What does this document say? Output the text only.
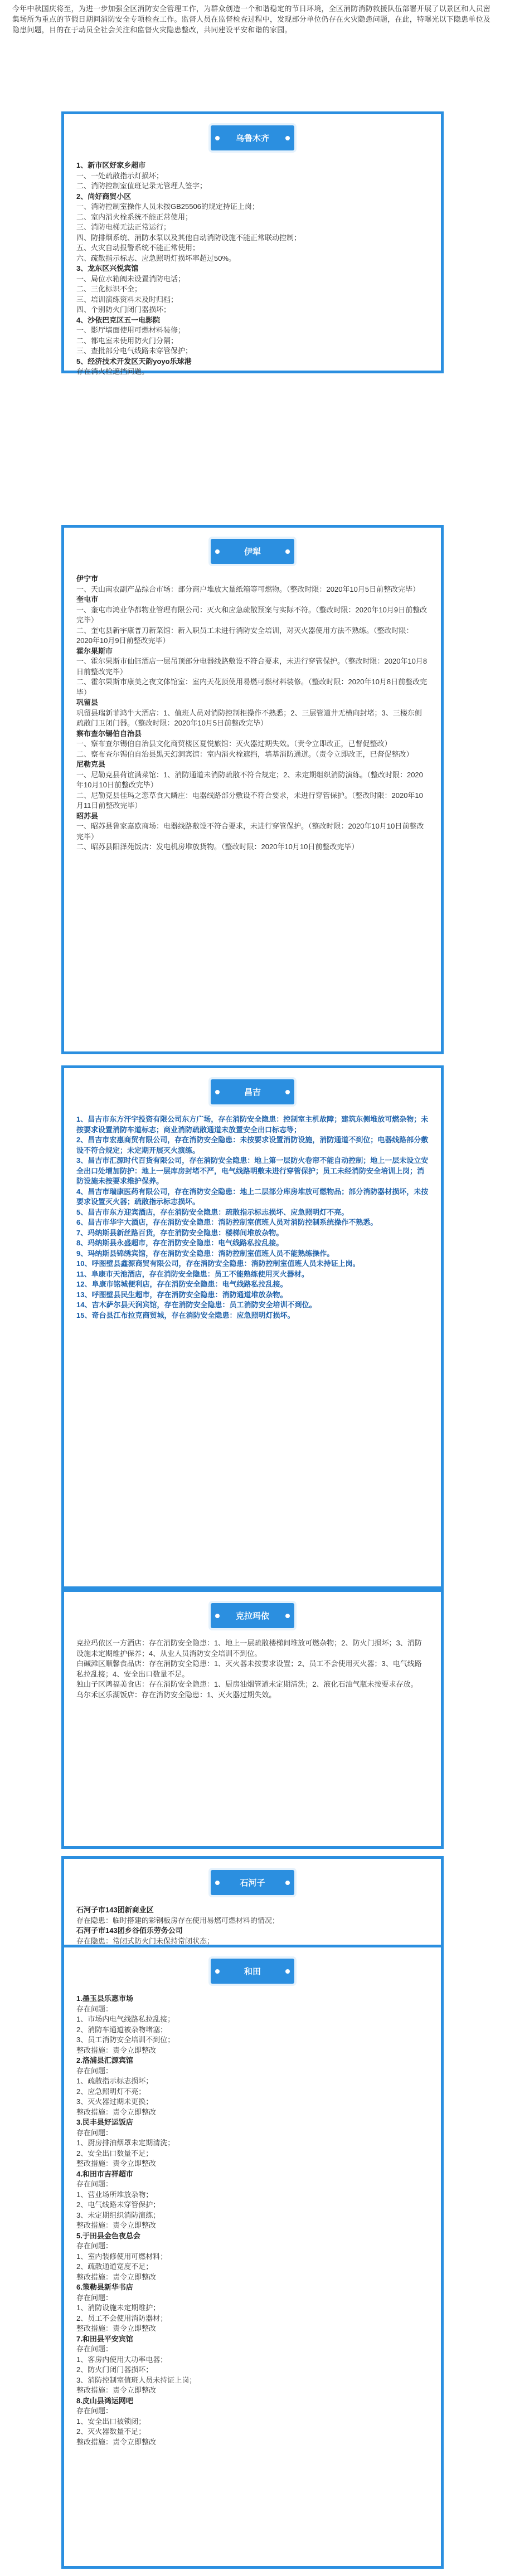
今年中秋国庆将至，为进一步加强全区消防安全管理工作，为群众创造一个和谐稳定的节日环境，全区消防消防救援队伍部署开展了以景区和人员密集场所为重点的节假日期间消防安全专项检查工作。监督人员在监督检查过程中，发现部分单位仍存在火灾隐患问题，在此，特曝光以下隐患单位及隐患问题，目的在于动员全社会关注和监督火灾隐患整改，共同建设平安和谐的家园。

乌鲁木齐
1、新市区好家乡超市
一、一处疏散指示灯损坏；
二、消防控制室值班记录无管理人签字；
2、尚好商贸小区
一、消防控制室操作人员未按GB25506的规定持证上岗；
二、室内消火栓系统不能正常使用；
三、消防电梯无法正常运行；
四、防排烟系统、消防水泵以及其他自动消防设施不能正常联动控制；
五、火灾自动报警系统不能正常使用；
六、疏散指示标志、应急照明灯损坏率超过50%。
3、龙东区兴悦宾馆
一、局位水箱阀未设置消防电话；
二、三化标识不全；
三、培训演练资料未及时归档；
四、个别防火门闭门器损坏；
4、沙依巴克区五一电影院
一、影厅墙面使用可燃材料装修；
二、都电室未使用防火门分隔；
三、查批部分电气线路未穿管保护；
5、经济技术开发区天韵yoyo乐球港
存在消火栓遮挡问题。
伊犁
伊宁市
一、天山南农副产品综合市场：部分商户堆放大量纸箱等可燃物。（整改时限：2020年10月5日前整改完毕）
奎屯市
一、奎屯市鸿业华都物业管理有限公司：灭火和应急疏散预案与实际不符。（整改时限：2020年10月9日前整改完毕）
二、奎屯县新宇康普刀新菜馆：新入职员工未进行消防安全培训，对灭火器使用方法不熟练。（整改时限：2020年10月9日前整改完毕）
霍尔果斯市
一、霍尔果斯市仙钰酒店一层吊顶部分电器线路敷设不符合要求，未进行穿管保护。（整改时限：2020年10月8日前整改完毕）
二、霍尔果斯市康美之夜文体馆室：室内天花顶使用易燃可燃材料装修。（整改时限：2020年10月8日前整改完毕）
巩留县
巩留县瑞新菲鸿牛大酒店：1、值班人员对消防控制柜操作不熟悉；2、三层管道井无横向封堵；3、三楼东侧疏散门卫闭门器。（整改时限：2020年10月5日前整改完毕）
察布查尔锡伯自治县
一、察布查尔锡伯自治县文化商贸楼区夏悦旅馆：灭火器过期失效。（责令立即改正，已督促整改）
二、察布查尔锡伯自治县黑天幻洞宾馆：室内消火栓遮挡，墙基消防通道。（责令立即改正，已督促整改）
尼勒克县
一、尼勒克县荷谊满菜馆：1、消防通道未消防疏散不符合规定；2、未定期组织消防演练。（整改时限：2020年10月10日前整改完毕）
二、尼勒克县佳玛之恋草食大鳞庄：电器线路部分敷设不符合要求，未进行穿管保护。（整改时限：2020年10月11日前整改完毕）
昭苏县
一、昭苏县鲁家嘉欧商场：电器线路敷设不符合要求，未进行穿管保护。（整改时限：2020年10月10日前整改完毕）
二、昭苏县阳泽苑饭店：发电机房堆放货物。（整改时限：2020年10月10日前整改完毕）
昌吉
1、昌吉市东方汗宇投资有限公司东方广场，存在消防安全隐患：控制室主机故障；建筑东侧堆放可燃杂物；未按要求设置消防车道标志；商业消防疏散通道未放置安全出口标志等；
2、昌吉市宏惠商贸有限公司，存在消防安全隐患：未按要求设置消防设施，消防通道不到位；电器线路部分敷设不符合规定；未定期开展灭火演练。
3、昌吉市汇源时代百货有限公司，存在消防安全隐患：地上第一层防火卷帘不能自动控制；地上一层未设立安全出口处增加防护：地上一层库房封堵不严，电气线路明敷未进行穿管保护；员工未经消防安全培训上岗；消防设施未按要求维护保养。
4、昌吉市瑞康医药有限公司，存在消防安全隐患：地上二层部分库房堆放可燃物品；部分消防器材损坏，未按要求设置灭火器；疏散指示标志损坏。
5、昌吉市东方迎宾酒店，存在消防安全隐患：疏散指示标志损坏、应急照明灯不亮。
6、昌吉市华宇大酒店，存在消防安全隐患：消防控制室值班人员对消防控制系统操作不熟悉。
7、玛纳斯县新丝路百货，存在消防安全隐患：楼梯间堆放杂物。
8、玛纳斯县永盛超市，存在消防安全隐患：电气线路私拉乱接。
9、玛纳斯县锦绣宾馆，存在消防安全隐患：消防控制室值班人员不能熟练操作。
10、呼图壁县鑫源商贸有限公司，存在消防安全隐患：消防控制室值班人员未持证上岗。
11、阜康市天池酒店，存在消防安全隐患：员工不能熟练使用灭火器材。
12、阜康市铭城便利店，存在消防安全隐患：电气线路私拉乱接。
13、呼图壁县民生超市，存在消防安全隐患：消防通道堆放杂物。
14、吉木萨尔县天润宾馆，存在消防安全隐患：员工消防安全培训不到位。
15、奇台县江布拉克商贸城，存在消防安全隐患：应急照明灯损坏。
克拉玛依
克拉玛依区一方酒店：存在消防安全隐患：1、地上一层疏散楼梯间堆放可燃杂物；2、防火门损坏；3、消防设施未定期维护保养；4、从业人员消防安全培训不到位。
白碱滩区顺馨食品店：存在消防安全隐患：1、灭火器未按要求设置；2、员工不会使用灭火器；3、电气线路私拉乱接；4、安全出口数量不足。
独山子区鸿福美食店：存在消防安全隐患：1、厨房油烟管道未定期清洗；2、液化石油气瓶未按要求存放。
乌尔禾区乐湖饭店：存在消防安全隐患：1、灭火器过期失效。
石河子
石河子市143团新商业区
存在隐患：临时搭建的彩钢板房存在使用易燃可燃材料的情况；
石河子市143团乡谷佰乐劳务公司
存在隐患：常闭式防火门未保持常闭状态；
和田
1.墨玉县乐惠市场
存在问题：
1、市场内电气线路私拉乱接；
2、消防车通道被杂物堵塞；
3、员工消防安全培训不到位；
整改措施：责令立即整改
2.洛浦县汇源宾馆
存在问题：
1、疏散指示标志损坏；
2、应急照明灯不亮；
3、灭火器过期未更换；
整改措施：责令立即整改
3.民丰县好运饭店
存在问题：
1、厨房排油烟罩未定期清洗；
2、安全出口数量不足；
整改措施：责令立即整改
4.和田市吉祥超市
存在问题：
1、营业场所堆放杂物；
2、电气线路未穿管保护；
3、未定期组织消防演练；
整改措施：责令立即整改
5.于田县金色夜总会
存在问题：
1、室内装修使用可燃材料；
2、疏散通道宽度不足；
整改措施：责令立即整改
6.策勒县新华书店
存在问题：
1、消防设施未定期维护；
2、员工不会使用消防器材；
整改措施：责令立即整改
7.和田县平安宾馆
存在问题：
1、客房内使用大功率电器；
2、防火门闭门器损坏；
3、消防控制室值班人员未持证上岗；
整改措施：责令立即整改
8.皮山县鸿运网吧
存在问题：
1、安全出口被锁闭；
2、灭火器数量不足；
整改措施：责令立即整改
